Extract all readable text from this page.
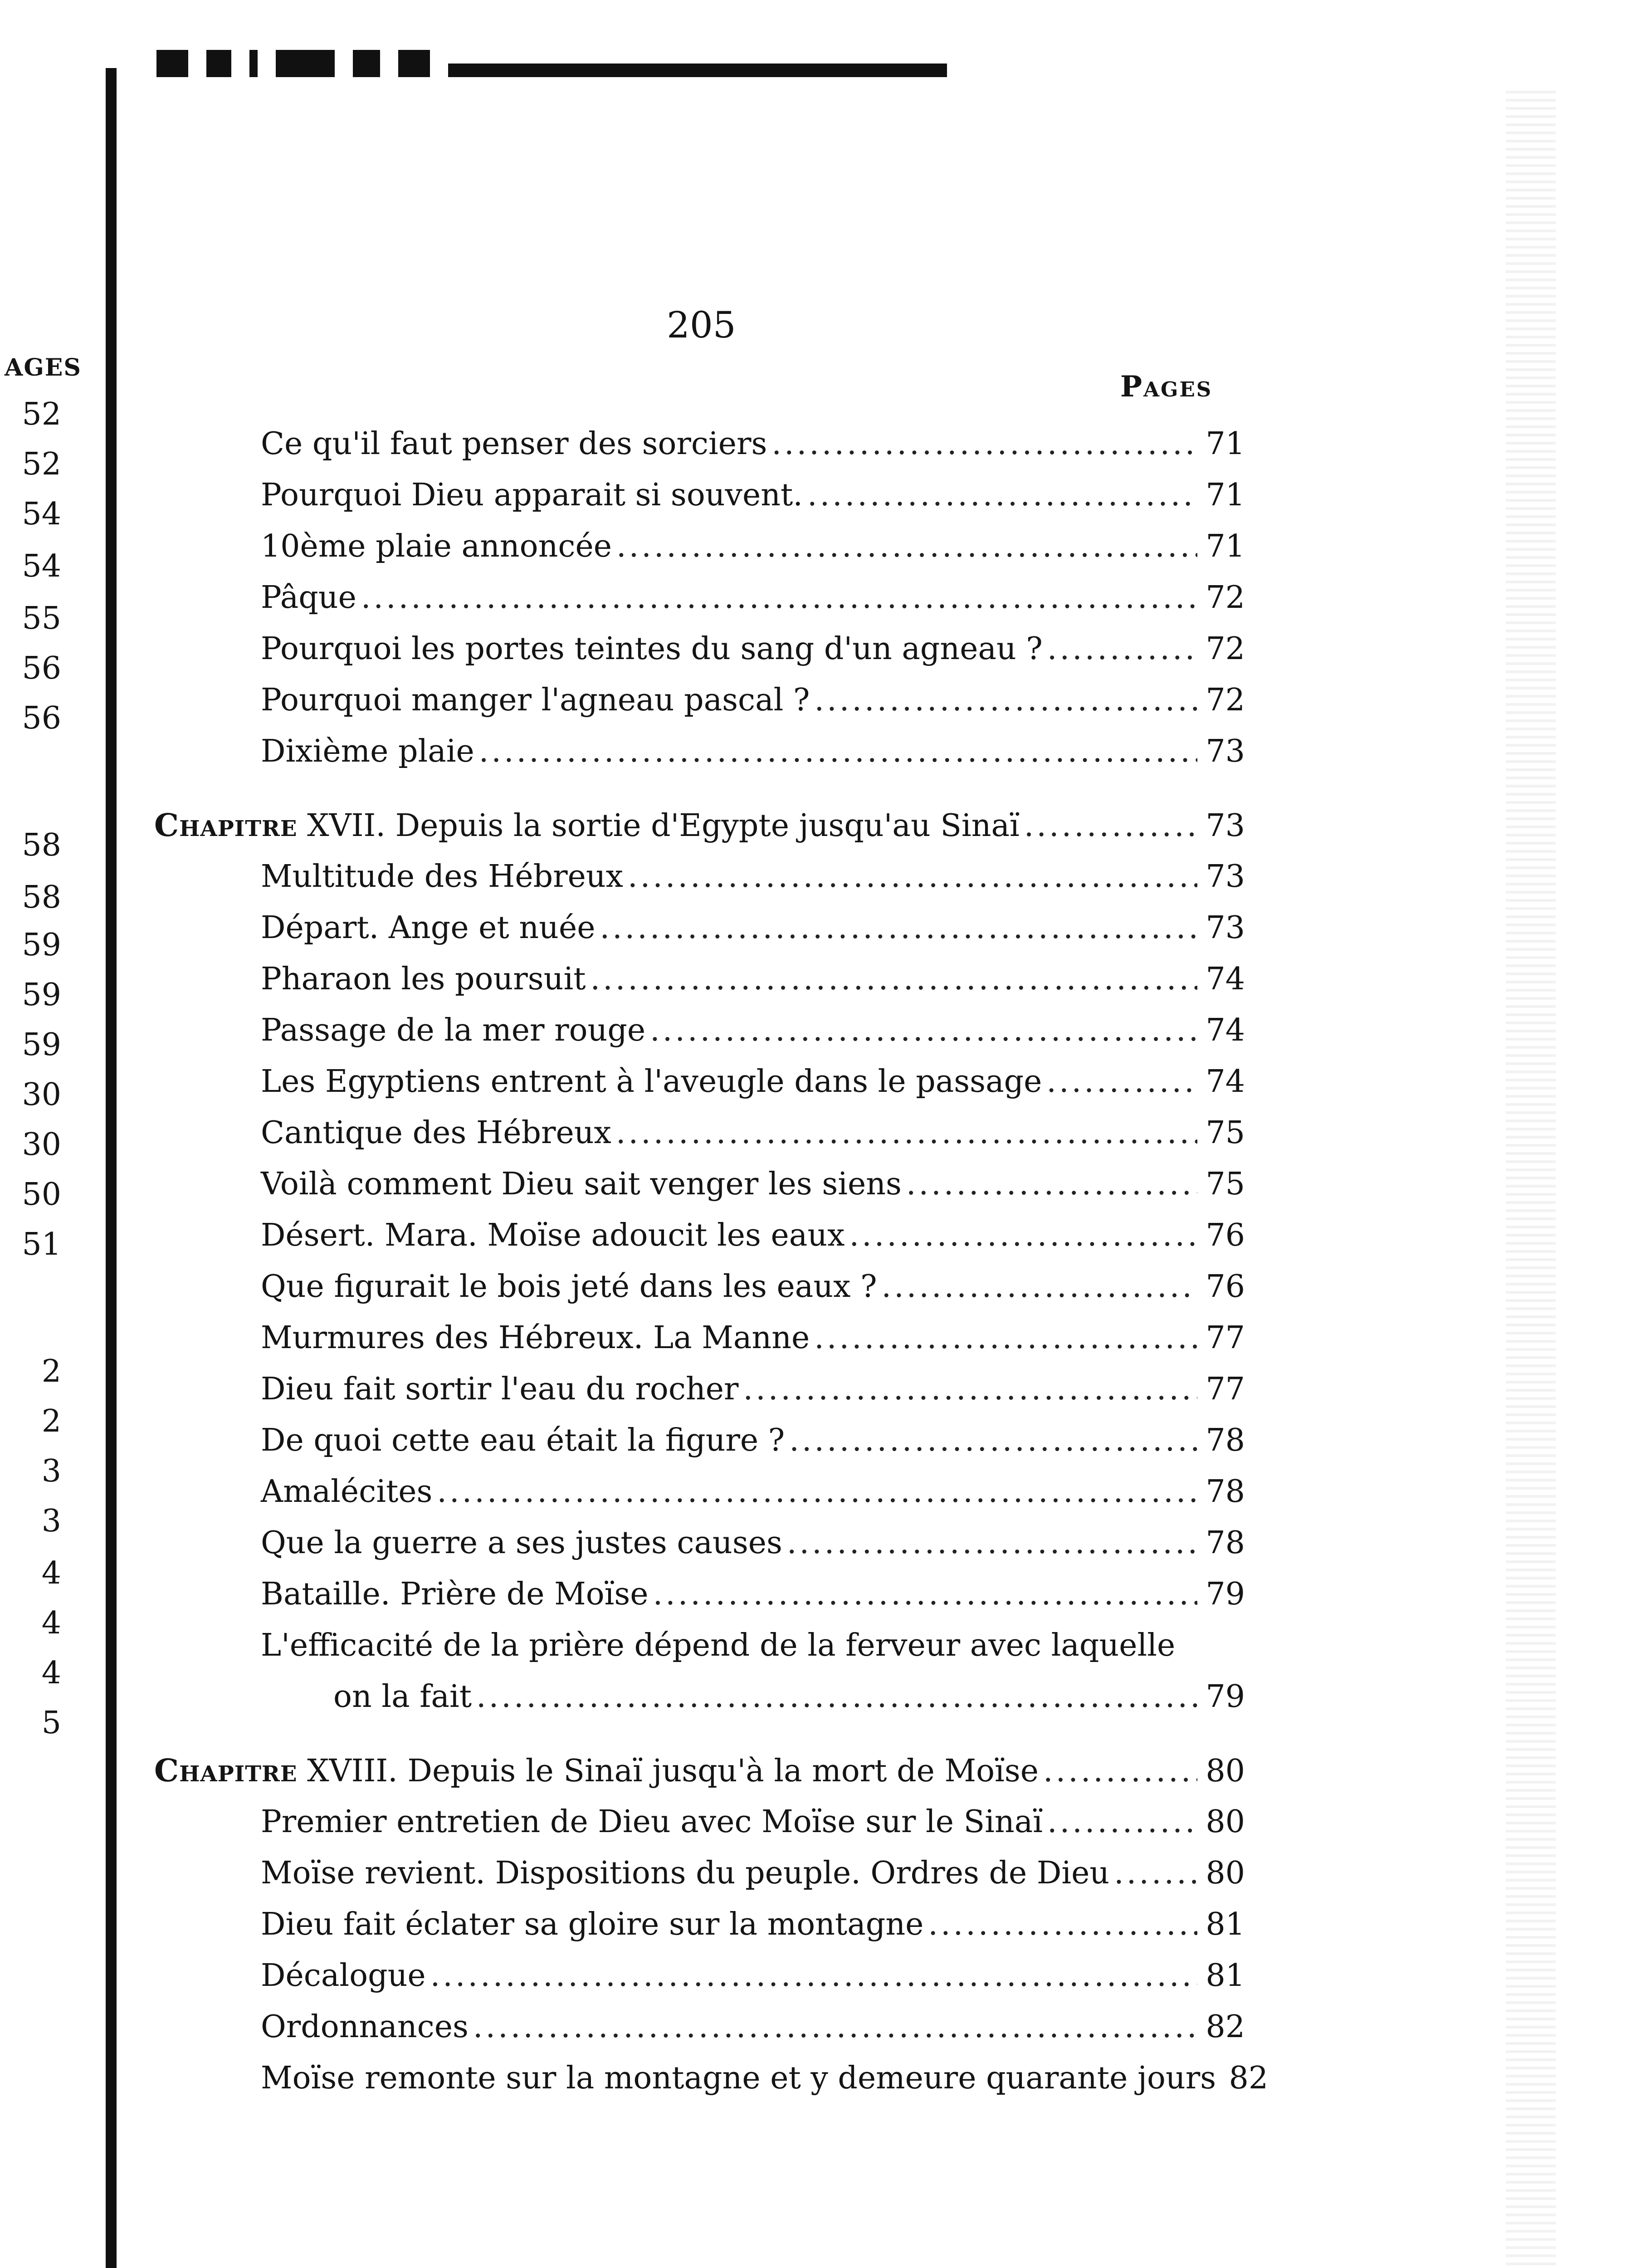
AGES
52
52
54
54
55
56
56
58
58
59
59
59
30
30
50
51
2
2
3
3
4
4
4
5
205
Pages
Ce qu'il faut penser des sorciers .....	71
Pourquoi Dieu apparait si souvent. .....	71
10ème plaie annoncée .....	71
Pâque .....	72
Pourquoi les portes teintes du sang d'un agneau ? .....	72
Pourquoi manger l'agneau pascal ? .....	72
Dixième plaie .....	73
Chapitre XVII. Depuis la sortie d'Egypte jusqu'au Sinaï .....	73
Multitude des Hébreux .....	73
Départ. Ange et nuée .....	73
Pharaon les poursuit .....	74
Passage de la mer rouge .....	74
Les Egyptiens entrent à l'aveugle dans le passage .....	74
Cantique des Hébreux .....	75
Voilà comment Dieu sait venger les siens .....	75
Désert. Mara. Moïse adoucit les eaux .....	76
Que figurait le bois jeté dans les eaux ? .....	76
Murmures des Hébreux. La Manne .....	77
Dieu fait sortir l'eau du rocher .....	77
De quoi cette eau était la figure ? .....	78
Amalécites .....	78
Que la guerre a ses justes causes .....	78
Bataille. Prière de Moïse .....	79
L'efficacité de la prière dépend de la ferveur avec laquelle
on la fait .....	79
Chapitre XVIII. Depuis le Sinaï jusqu'à la mort de Moïse .....	80
Premier entretien de Dieu avec Moïse sur le Sinaï .....	80
Moïse revient. Dispositions du peuple. Ordres de Dieu .....	80
Dieu fait éclater sa gloire sur la montagne .....	81
Décalogue .....	81
Ordonnances .....	82
Moïse remonte sur la montagne et y demeure quarante jours 82
